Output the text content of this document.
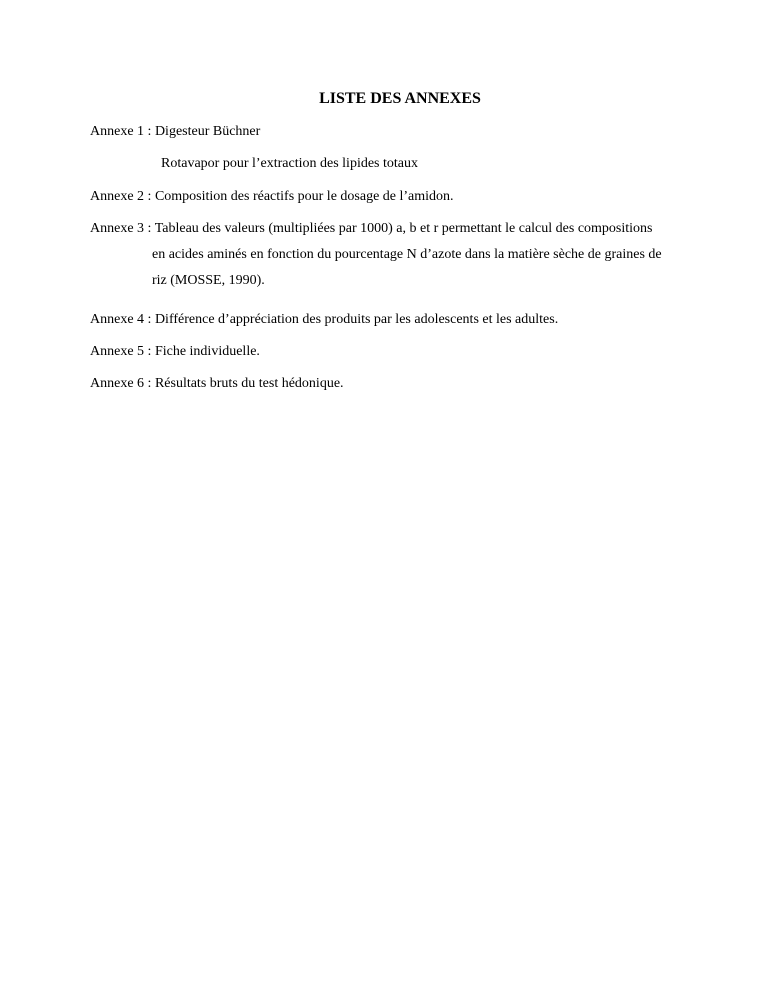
LISTE DES ANNEXES
Annexe 1 : Digesteur Büchner
Rotavapor pour l’extraction des lipides totaux
Annexe 2 : Composition des réactifs pour le dosage de l’amidon.
Annexe 3 : Tableau des valeurs (multipliées par 1000) a, b et r permettant le calcul des compositions
en acides aminés en fonction du pourcentage N d’azote dans la matière sèche de graines de
riz (MOSSE, 1990).
Annexe 4 : Différence d’appréciation des produits par les adolescents et les adultes.
Annexe 5 : Fiche individuelle.
Annexe 6 : Résultats bruts du test hédonique.
